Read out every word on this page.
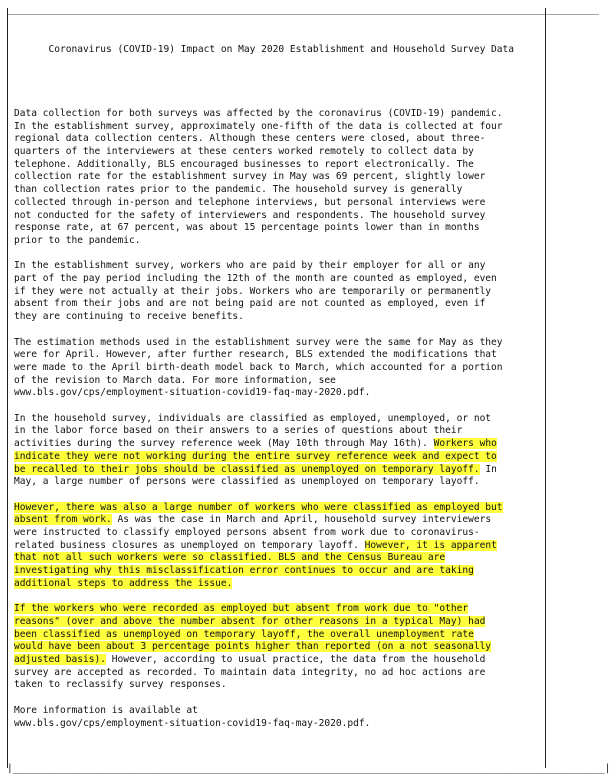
_______________________________________________________________________________________________________

Coronavirus (COVID-19) Impact on May 2020 Establishment and Household Survey Data

Data collection for both surveys was affected by the coronavirus (COVID-19) pandemic.
In the establishment survey, approximately one-fifth of the data is collected at four
regional data collection centers. Although these centers were closed, about three-
quarters of the interviewers at these centers worked remotely to collect data by
telephone. Additionally, BLS encouraged businesses to report electronically. The
collection rate for the establishment survey in May was 69 percent, slightly lower
than collection rates prior to the pandemic. The household survey is generally
collected through in-person and telephone interviews, but personal interviews were
not conducted for the safety of interviewers and respondents. The household survey
response rate, at 67 percent, was about 15 percentage points lower than in months
prior to the pandemic.
In the establishment survey, workers who are paid by their employer for all or any
part of the pay period including the 12th of the month are counted as employed, even
if they were not actually at their jobs. Workers who are temporarily or permanently
absent from their jobs and are not being paid are not counted as employed, even if
they are continuing to receive benefits.
The estimation methods used in the establishment survey were the same for May as they
were for April. However, after further research, BLS extended the modifications that
were made to the April birth-death model back to March, which accounted for a portion
of the revision to March data. For more information, see
www.bls.gov/cps/employment-situation-covid19-faq-may-2020.pdf.
In the household survey, individuals are classified as employed, unemployed, or not
in the labor force based on their answers to a series of questions about their
activities during the survey reference week (May 10th through May 16th). Workers who
indicate they were not working during the entire survey reference week and expect to
be recalled to their jobs should be classified as unemployed on temporary layoff. In
May, a large number of persons were classified as unemployed on temporary layoff.
However, there was also a large number of workers who were classified as employed but
absent from work. As was the case in March and April, household survey interviewers
were instructed to classify employed persons absent from work due to coronavirus-
related business closures as unemployed on temporary layoff. However, it is apparent
that not all such workers were so classified. BLS and the Census Bureau are
investigating why this misclassification error continues to occur and are taking
additional steps to address the issue.
If the workers who were recorded as employed but absent from work due to "other
reasons" (over and above the number absent for other reasons in a typical May) had
been classified as unemployed on temporary layoff, the overall unemployment rate
would have been about 3 percentage points higher than reported (on a not seasonally
adjusted basis). However, according to usual practice, the data from the household
survey are accepted as recorded. To maintain data integrity, no ad hoc actions are
taken to reclassify survey responses.
More information is available at
www.bls.gov/cps/employment-situation-covid19-faq-may-2020.pdf.

|_______________________________________________________________________________________________________|
